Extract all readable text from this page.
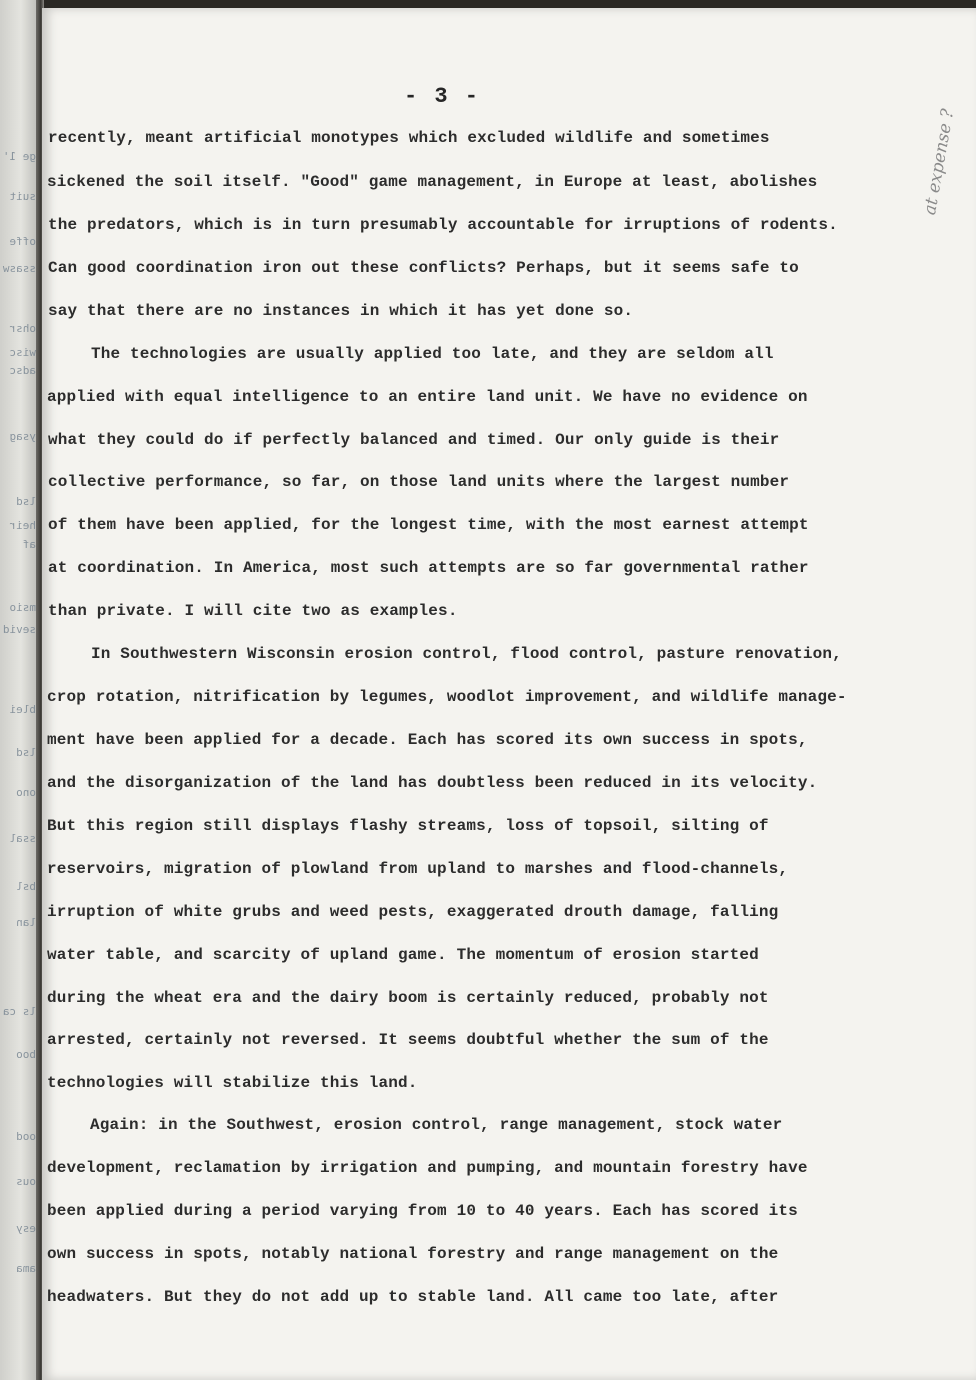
ge 1'
suit
offe
ssasw
ohsr
wisc
adsc
ysag
lsd
heir
af
msio
sevid
blei
lsd
ono
ssal
bsl
lan
ls ca
boo
ood
ous
esy
ama
- 3 -
recently, meant artificial monotypes which excluded wildlife and sometimes
sickened the soil itself. "Good" game management, in Europe at least, abolishes
the predators, which is in turn presumably accountable for irruptions of rodents.
Can good coordination iron out these conflicts? Perhaps, but it seems safe to
say that there are no instances in which it has yet done so.
The technologies are usually applied too late, and they are seldom all
applied with equal intelligence to an entire land unit. We have no evidence on
what they could do if perfectly balanced and timed. Our only guide is their
collective performance, so far, on those land units where the largest number
of them have been applied, for the longest time, with the most earnest attempt
at coordination. In America, most such attempts are so far governmental rather
than private. I will cite two as examples.
In Southwestern Wisconsin erosion control, flood control, pasture renovation,
crop rotation, nitrification by legumes, woodlot improvement, and wildlife manage-
ment have been applied for a decade. Each has scored its own success in spots,
and the disorganization of the land has doubtless been reduced in its velocity.
But this region still displays flashy streams, loss of topsoil, silting of
reservoirs, migration of plowland from upland to marshes and flood-channels,
irruption of white grubs and weed pests, exaggerated drouth damage, falling
water table, and scarcity of upland game. The momentum of erosion started
during the wheat era and the dairy boom is certainly reduced, probably not
arrested, certainly not reversed. It seems doubtful whether the sum of the
technologies will stabilize this land.
Again: in the Southwest, erosion control, range management, stock water
development, reclamation by irrigation and pumping, and mountain forestry have
been applied during a period varying from 10 to 40 years. Each has scored its
own success in spots, notably national forestry and range management on the
headwaters. But they do not add up to stable land. All came too late, after
at expense ?
